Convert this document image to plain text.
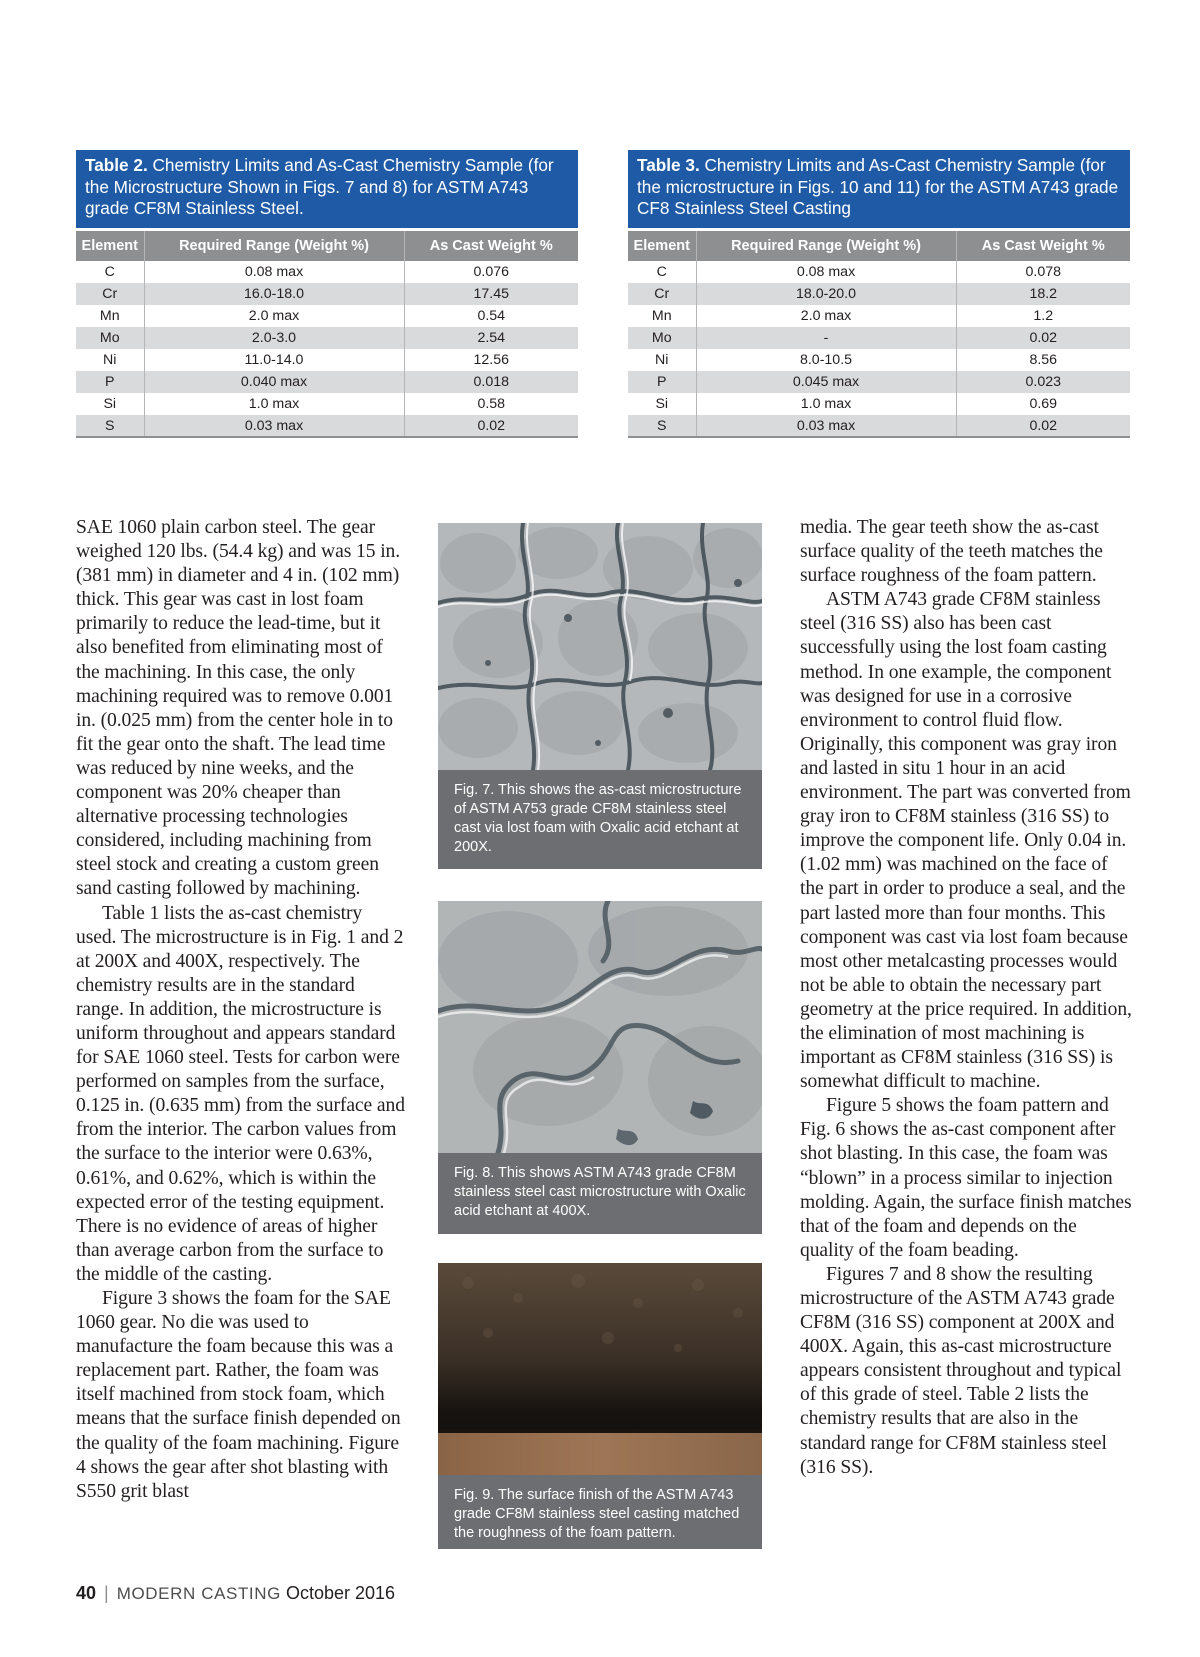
Table 2. Chemistry Limits and As-Cast Chemistry Sample (for the Microstructure Shown in Figs. 7 and 8) for ASTM A743 grade CF8M Stainless Steel.
Element	Required Range (Weight %)	As Cast Weight %
C	0.08 max	0.076
Cr	16.0-18.0	17.45
Mn	2.0 max	0.54
Mo	2.0-3.0	2.54
Ni	11.0-14.0	12.56
P	0.040 max	0.018
Si	1.0 max	0.58
S	0.03 max	0.02
Table 3. Chemistry Limits and As-Cast Chemistry Sample (for the microstructure in Figs. 10 and 11) for the ASTM A743 grade CF8 Stainless Steel Casting
Element	Required Range (Weight %)	As Cast Weight %
C	0.08 max	0.078
Cr	18.0-20.0	18.2
Mn	2.0 max	1.2
Mo	-	0.02
Ni	8.0-10.5	8.56
P	0.045 max	0.023
Si	1.0 max	0.69
S	0.03 max	0.02

SAE 1060 plain carbon steel. The gear weighed 120 lbs. (54.4 kg) and was 15 in. (381 mm) in diameter and 4 in. (102 mm) thick. This gear was cast in lost foam primarily to reduce the lead-time, but it also benefited from eliminating most of the machining. In this case, the only machining required was to remove 0.001 in. (0.025 mm) from the center hole in to fit the gear onto the shaft. The lead time was reduced by nine weeks, and the component was 20% cheaper than alternative processing technologies considered, including machining from steel stock and creating a custom green sand casting followed by machining.

Table 1 lists the as-cast chemistry used. The microstructure is in Fig. 1 and 2 at 200X and 400X, respectively. The chemistry results are in the standard range. In addition, the microstructure is uniform throughout and appears standard for SAE 1060 steel. Tests for carbon were performed on samples from the surface, 0.125 in. (0.635 mm) from the surface and from the interior. The carbon values from the surface to the interior were 0.63%, 0.61%, and 0.62%, which is within the expected error of the testing equipment. There is no evidence of areas of higher than average carbon from the surface to the middle of the casting.

Figure 3 shows the foam for the SAE 1060 gear. No die was used to manufacture the foam because this was a replacement part. Rather, the foam was itself machined from stock foam, which means that the surface finish depended on the quality of the foam machining. Figure 4 shows the gear after shot blasting with S550 grit blast

Fig. 7. This shows the as-cast microstructure of ASTM A753 grade CF8M stainless steel cast via lost foam with Oxalic acid etchant at 200X.
Fig. 8. This shows ASTM A743 grade CF8M stainless steel cast microstructure with Oxalic acid etchant at 400X.
Fig. 9. The surface finish of the ASTM A743 grade CF8M stainless steel casting matched the roughness of the foam pattern.

media. The gear teeth show the as-cast surface quality of the teeth matches the surface roughness of the foam pattern.

ASTM A743 grade CF8M stainless steel (316 SS) also has been cast successfully using the lost foam casting method. In one example, the component was designed for use in a corrosive environment to control fluid flow. Originally, this component was gray iron and lasted in situ 1 hour in an acid environment. The part was converted from gray iron to CF8M stainless (316 SS) to improve the component life. Only 0.04 in. (1.02 mm) was machined on the face of the part in order to produce a seal, and the part lasted more than four months. This component was cast via lost foam because most other metalcasting processes would not be able to obtain the necessary part geometry at the price required. In addition, the elimination of most machining is important as CF8M stainless (316 SS) is somewhat difficult to machine.

Figure 5 shows the foam pattern and Fig. 6 shows the as-cast component after shot blasting. In this case, the foam was “blown” in a process similar to injection molding. Again, the surface finish matches that of the foam and depends on the quality of the foam beading.

Figures 7 and 8 show the resulting microstructure of the ASTM A743 grade CF8M (316 SS) component at 200X and 400X. Again, this as-cast microstructure appears consistent throughout and typical of this grade of steel. Table 2 lists the chemistry results that are also in the standard range for CF8M stainless steel (316 SS).

40 | MODERN CASTING October 2016
